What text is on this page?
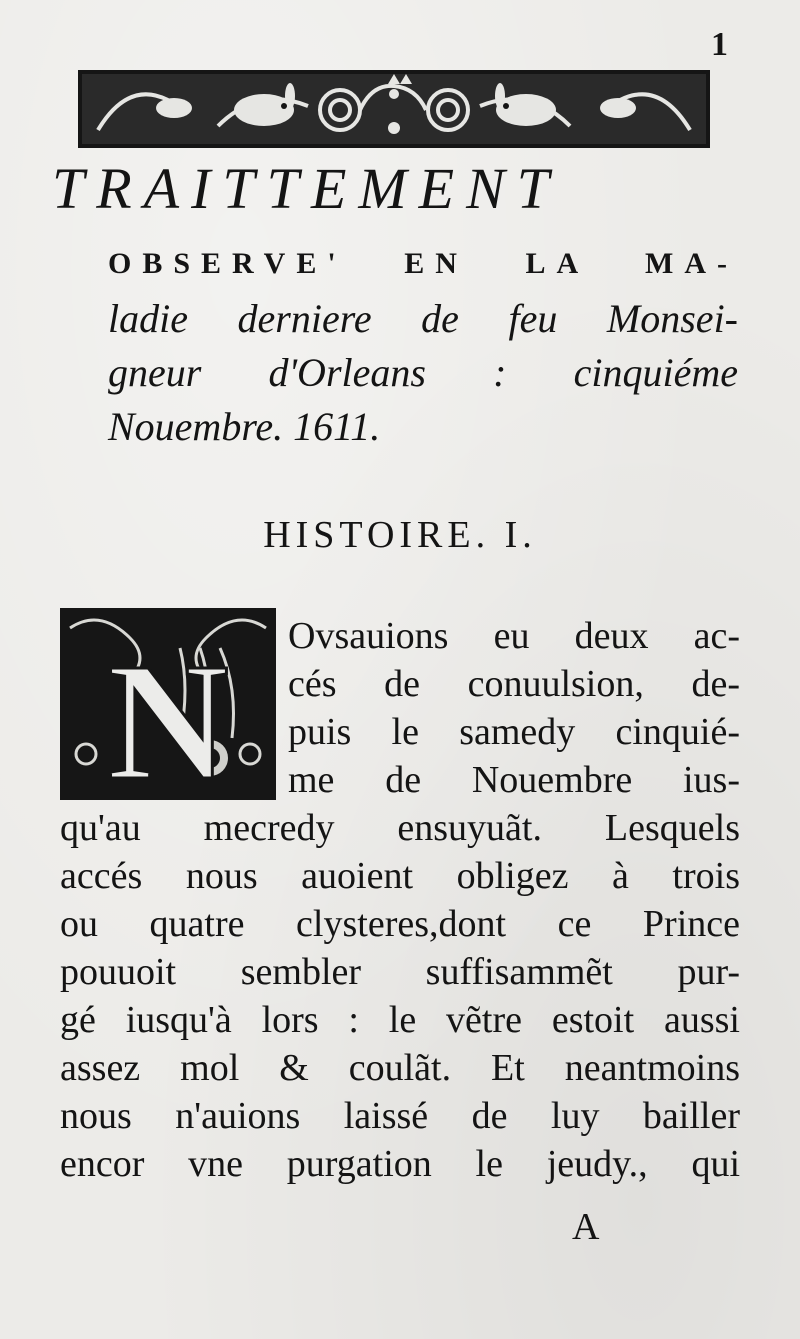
1
TRAITTEMENT
OBSERVE' EN LA MA-
ladie derniere de feu Monsei-
gneur d'Orleans : cinquiéme
Nouembre. 1611.
HISTOIRE. I.
N Ovsauions eu deux ac-
cés de conuulsion, de-
puis le samedy cinquié-
me de Nouembre ius-
qu'au mecredy ensuyuãt. Lesquels
accés nous auoient obligez à trois
ou quatre clysteres,dont ce Prince
pouuoit sembler suffisammẽt pur-
gé iusqu'à lors : le vẽtre estoit aussi
assez mol & coulãt. Et neantmoins
nous n'auions laissé de luy bailler
encor vne purgation le jeudy., qui
A
